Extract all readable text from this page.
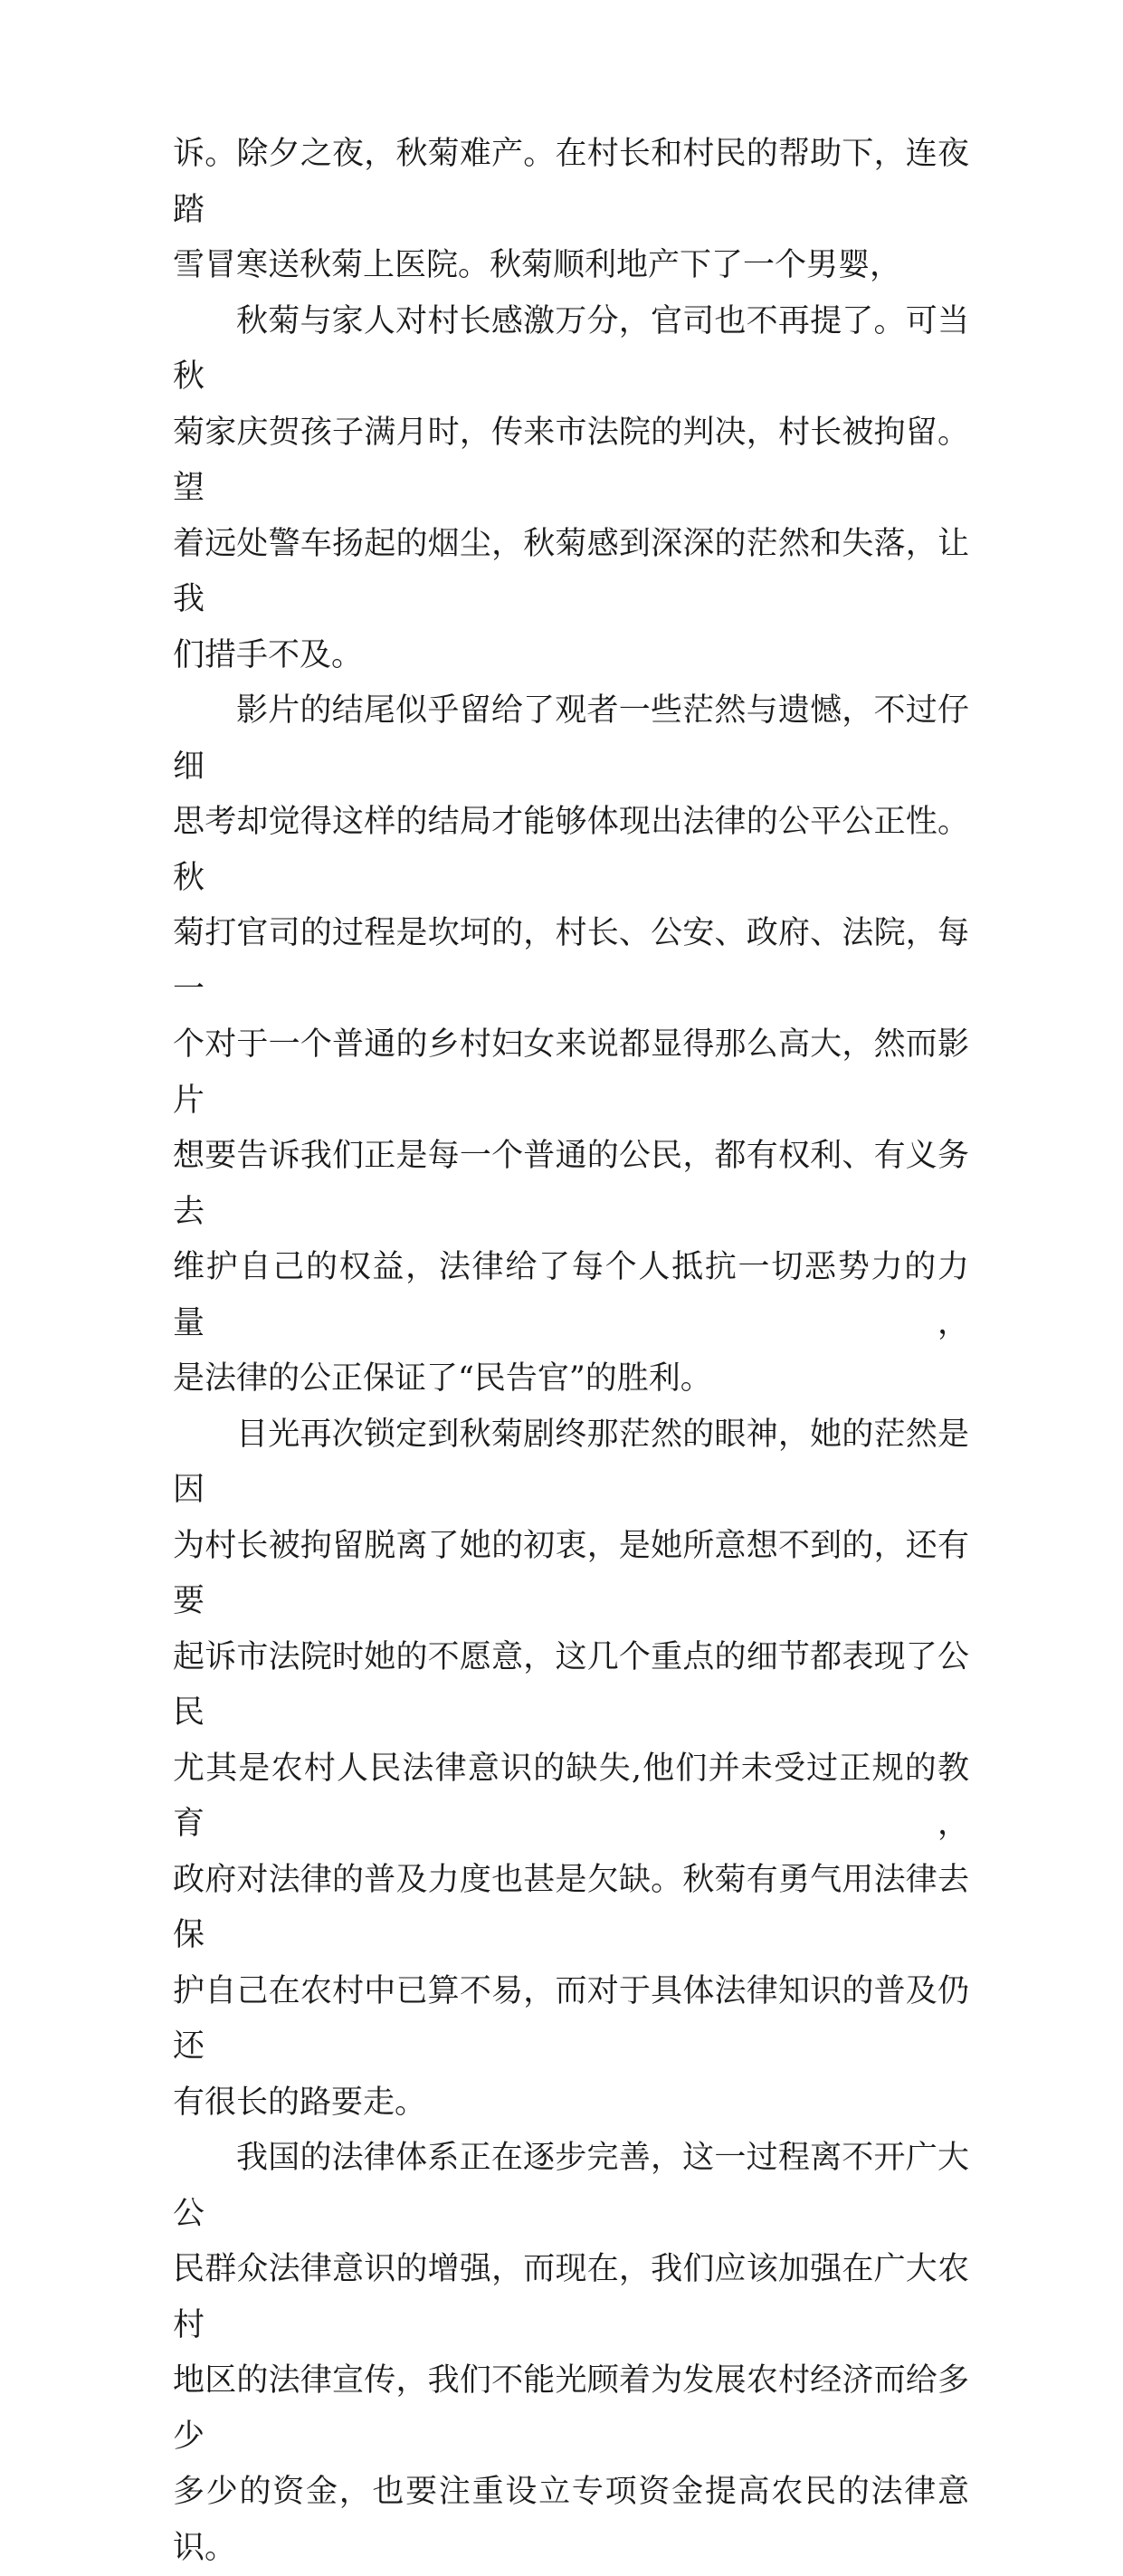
诉。除夕之夜，秋菊难产。在村长和村民的帮助下，连夜踏
雪冒寒送秋菊上医院。秋菊顺利地产下了一个男婴，
秋菊与家人对村长感激万分，官司也不再提了。可当秋
菊家庆贺孩子满月时，传来市法院的判决，村长被拘留。望
着远处警车扬起的烟尘，秋菊感到深深的茫然和失落，让我
们措手不及。
影片的结尾似乎留给了观者一些茫然与遗憾，不过仔细
思考却觉得这样的结局才能够体现出法律的公平公正性。秋
菊打官司的过程是坎坷的，村长、公安、政府、法院，每一
个对于一个普通的乡村妇女来说都显得那么高大，然而影片
想要告诉我们正是每一个普通的公民，都有权利、有义务去
维护自己的权益，法律给了每个人抵抗一切恶势力的力量，
是法律的公正保证了“民告官”的胜利。
目光再次锁定到秋菊剧终那茫然的眼神，她的茫然是因
为村长被拘留脱离了她的初衷，是她所意想不到的，还有要
起诉市法院时她的不愿意，这几个重点的细节都表现了公民
尤其是农村人民法律意识的缺失,他们并未受过正规的教育，
政府对法律的普及力度也甚是欠缺。秋菊有勇气用法律去保
护自己在农村中已算不易，而对于具体法律知识的普及仍还
有很长的路要走。
我国的法律体系正在逐步完善，这一过程离不开广大公
民群众法律意识的增强，而现在，我们应该加强在广大农村
地区的法律宣传，我们不能光顾着为发展农村经济而给多少
多少的资金，也要注重设立专项资金提高农民的法律意识。
